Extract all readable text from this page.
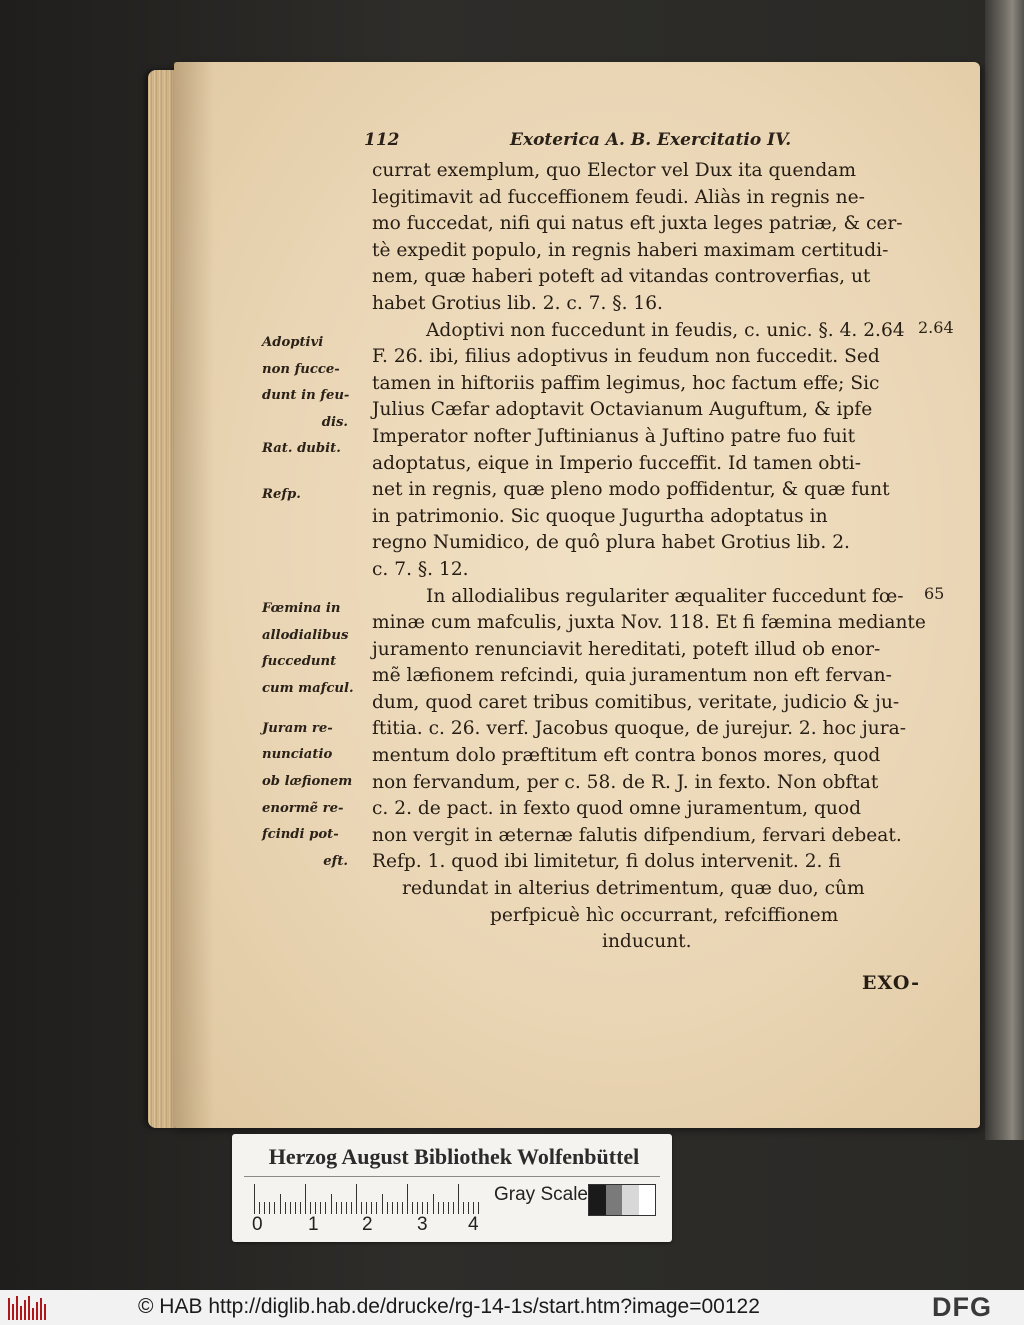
112	Exoterica A. B. Exercitatio IV.
currat exemplum, quo Elector vel Dux ita quendam
legitimavit ad fucceffionem feudi. Aliàs in regnis ne-
mo fuccedat, nifi qui natus eft juxta leges patriæ, & cer-
tè expedit populo, in regnis haberi maximam certitudi-
nem, quæ haberi poteft ad vitandas controverfias, ut
habet Grotius lib. 2. c. 7. §. 16.
Adoptivi non fuccedunt in feudis, c. unic. §. 4. 2.64
F. 26. ibi, filius adoptivus in feudum non fuccedit. Sed
tamen in hiftoriis paffim legimus, hoc factum effe; Sic
Julius Cæfar adoptavit Octavianum Auguftum, & ipfe
Imperator nofter Juftinianus à Juftino patre fuo fuit
adoptatus, eique in Imperio fucceffit. Id tamen obti-
net in regnis, quæ pleno modo poffidentur, & quæ funt
in patrimonio. Sic quoque Jugurtha adoptatus in
regno Numidico, de quô plura habet Grotius lib. 2.
c. 7. §. 12.
In allodialibus regulariter æqualiter fuccedunt fœ-
minæ cum mafculis, juxta Nov. 118. Et fi fæmina mediante
juramento renunciavit hereditati, poteft illud ob enor-
mẽ læfionem refcindi, quia juramentum non eft fervan-
dum, quod caret tribus comitibus, veritate, judicio & ju-
ftitia. c. 26. verf. Jacobus quoque, de jurejur. 2. hoc jura-
mentum dolo præftitum eft contra bonos mores, quod
non fervandum, per c. 58. de R. J. in fexto. Non obftat
c. 2. de pact. in fexto quod omne juramentum, quod
non vergit in æternæ falutis difpendium, fervari debeat.
Refp. 1. quod ibi limitetur, fi dolus intervenit. 2. fi
redundat in alterius detrimentum, quæ duo, cûm
perfpicuè hìc occurrant, refciffionem
inducunt.
Adoptivi
non fucce-
dunt in feu-
dis.
Rat. dubit.
Refp.
Fœmina in
allodialibus
fuccedunt
cum mafcul.
Juram re-
nunciatio
ob læfionem
enormẽ re-
fcindi pot-
eft.
2.64
65
EXO-
Herzog August Bibliothek Wolfenbüttel
0 1 2 3 4
Gray Scale
© HAB http://diglib.hab.de/drucke/rg-14-1s/start.htm?image=00122	DFG
